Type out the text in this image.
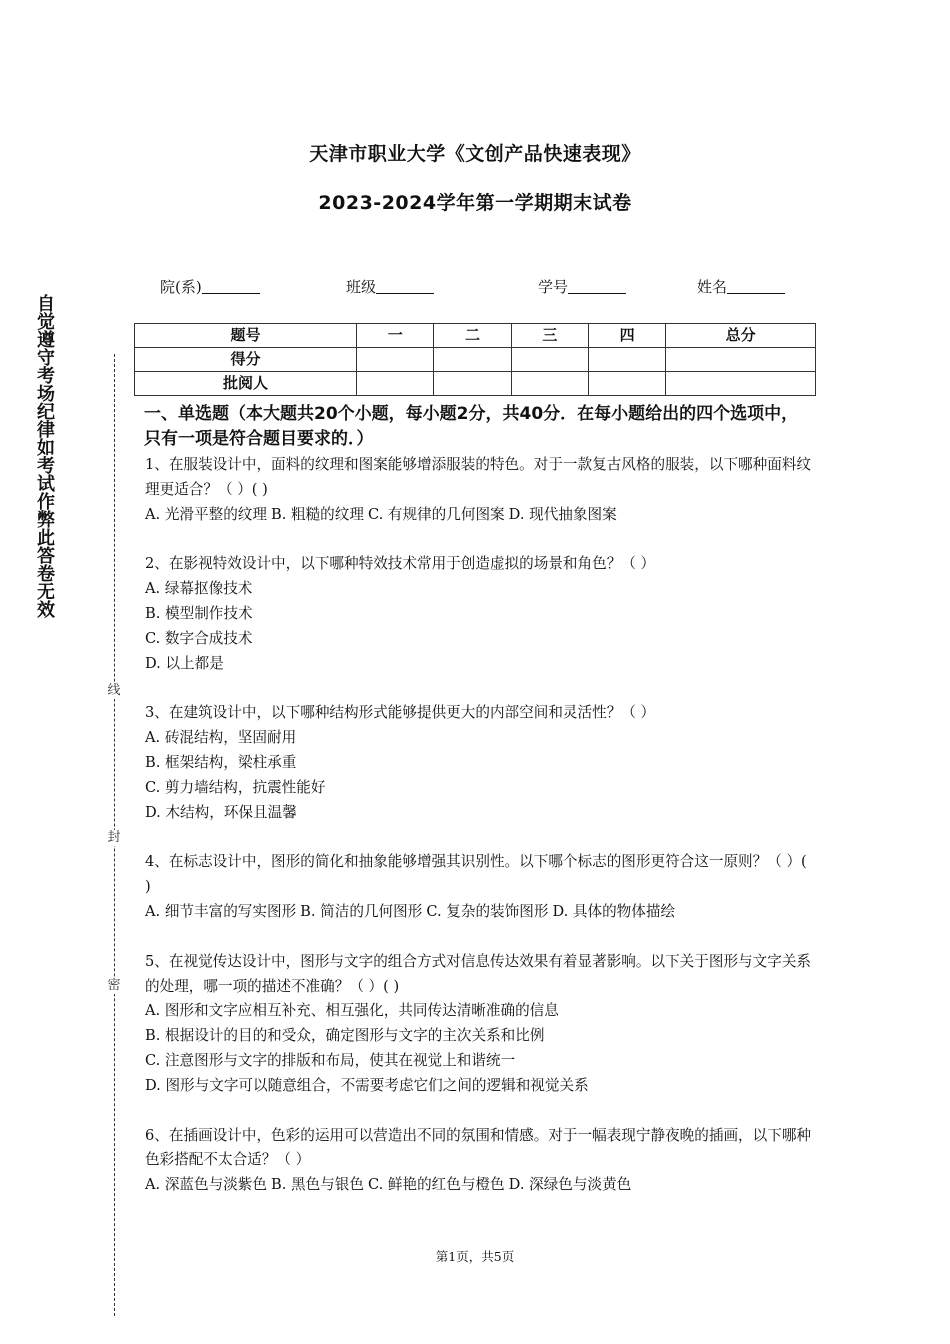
天津市职业大学《文创产品快速表现》
2023-2024学年第一学期期末试卷
院(系)	班级	学号	姓名
题号	一	二	三	四	总分
得分					
批阅人					
一、单选题（本大题共20个小题，每小题2分，共40分．在每小题给出的四个选项中，只有一项是符合题目要求的．）

1、在服装设计中，面料的纹理和图案能够增添服装的特色。对于一款复古风格的服装，以下哪种面料纹理更适合？（ ）( )

A. 光滑平整的纹理 B. 粗糙的纹理 C. 有规律的几何图案 D. 现代抽象图案

2、在影视特效设计中，以下哪种特效技术常用于创造虚拟的场景和角色？（ ）

A. 绿幕抠像技术

B. 模型制作技术

C. 数字合成技术

D. 以上都是

3、在建筑设计中，以下哪种结构形式能够提供更大的内部空间和灵活性？（ ）

A. 砖混结构，坚固耐用

B. 框架结构，梁柱承重

C. 剪力墙结构，抗震性能好

D. 木结构，环保且温馨

4、在标志设计中，图形的简化和抽象能够增强其识别性。以下哪个标志的图形更符合这一原则？（ ）( )

A. 细节丰富的写实图形 B. 简洁的几何图形 C. 复杂的装饰图形 D. 具体的物体描绘

5、在视觉传达设计中，图形与文字的组合方式对信息传达效果有着显著影响。以下关于图形与文字关系的处理，哪一项的描述不准确？（ ）( )

A. 图形和文字应相互补充、相互强化，共同传达清晰准确的信息

B. 根据设计的目的和受众，确定图形与文字的主次关系和比例

C. 注意图形与文字的排版和布局，使其在视觉上和谐统一

D. 图形与文字可以随意组合，不需要考虑它们之间的逻辑和视觉关系

6、在插画设计中，色彩的运用可以营造出不同的氛围和情感。对于一幅表现宁静夜晚的插画，以下哪种色彩搭配不太合适？（ ）

A. 深蓝色与淡紫色 B. 黑色与银色 C. 鲜艳的红色与橙色 D. 深绿色与淡黄色

自觉遵守考场纪律如考试作弊此答卷无效
线
封
密
第1页，共5页
